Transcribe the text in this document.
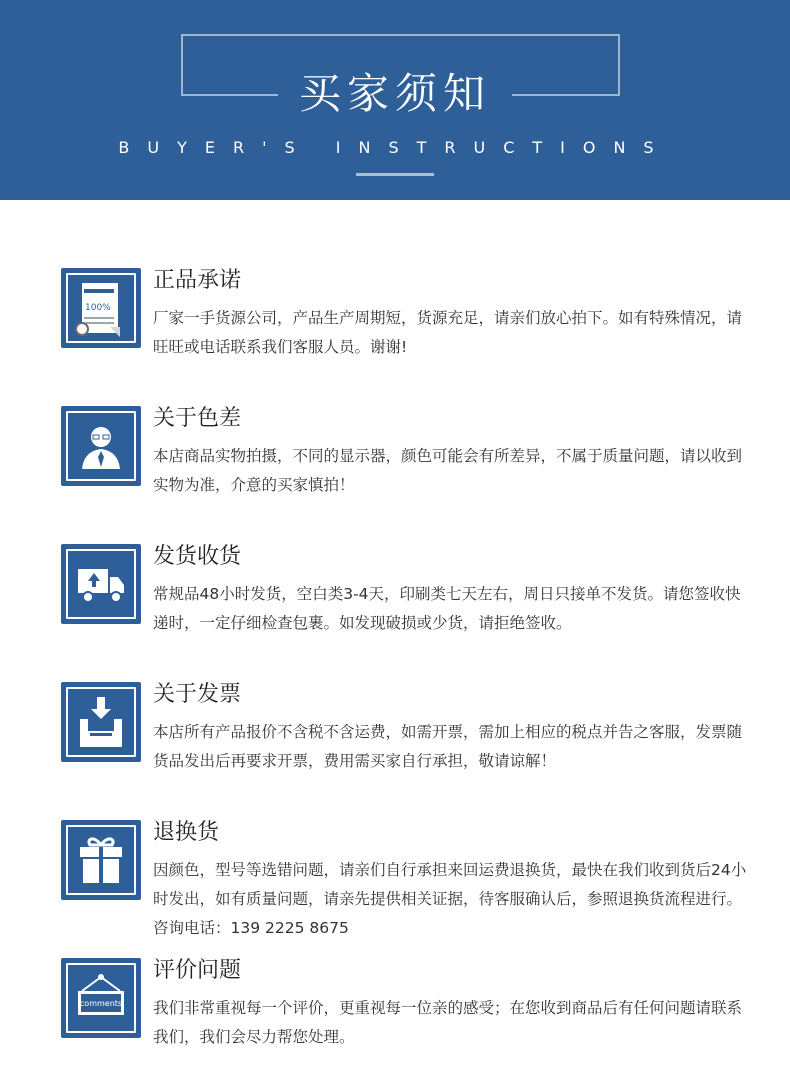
买家须知
BUYER'S INSTRUCTIONS
100%
正品承诺
厂家一手货源公司，产品生产周期短，货源充足，请亲们放心拍下。如有特殊情况，请旺旺或电话联系我们客服人员。谢谢!
关于色差
本店商品实物拍摄，不同的显示器，颜色可能会有所差异，不属于质量问题，请以收到实物为准，介意的买家慎拍！
发货收货
常规品48小时发货，空白类3-4天，印刷类七天左右，周日只接单不发货。请您签收快递时，一定仔细检查包裹。如发现破损或少货，请拒绝签收。
关于发票
本店所有产品报价不含税不含运费，如需开票，需加上相应的税点并告之客服，发票随货品发出后再要求开票，费用需买家自行承担，敬请谅解！
退换货
因颜色，型号等选错问题，请亲们自行承担来回运费退换货，最快在我们收到货后24小时发出，如有质量问题，请亲先提供相关证据，待客服确认后，参照退换货流程进行。咨询电话：139 2225 8675
comments
评价问题
我们非常重视每一个评价，更重视每一位亲的感受；在您收到商品后有任何问题请联系我们，我们会尽力帮您处理。
